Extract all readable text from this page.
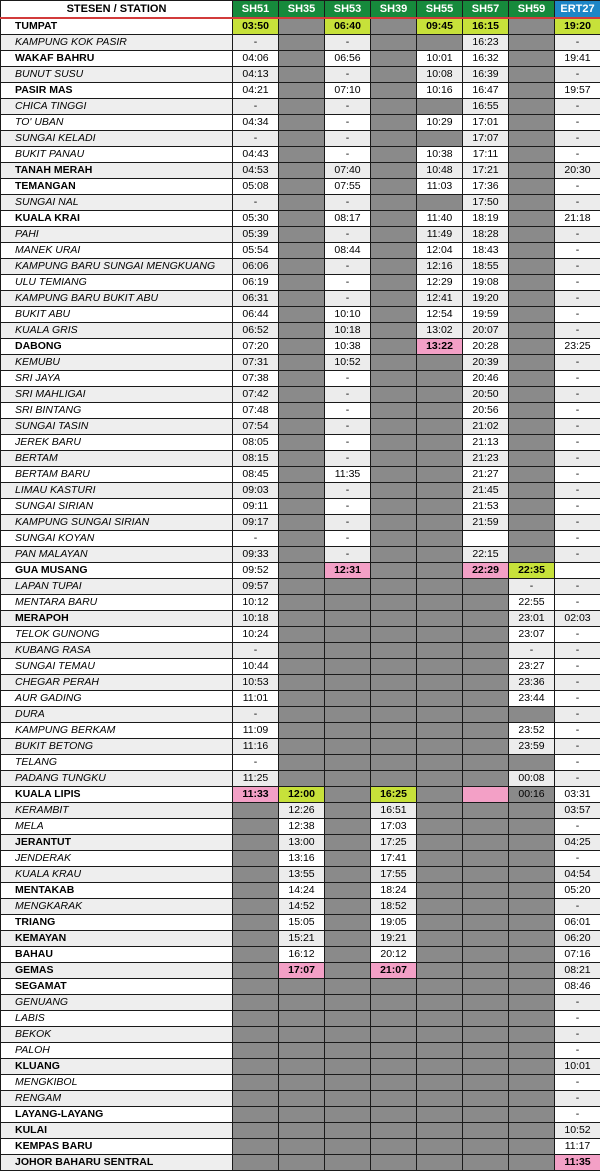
STESEN / STATION	SH51	SH35	SH53	SH39	SH55	SH57	SH59	ERT27
TUMPAT	03:50		06:40		09:45	16:15		19:20
KAMPUNG KOK PASIR	-		-			16:23		-
WAKAF BAHRU	04:06		06:56		10:01	16:32		19:41
BUNUT SUSU	04:13		-		10:08	16:39		-
PASIR MAS	04:21		07:10		10:16	16:47		19:57
CHICA TINGGI	-		-			16:55		-
TO' UBAN	04:34		-		10:29	17:01		-
SUNGAI KELADI	-		-			17:07		-
BUKIT PANAU	04:43		-		10:38	17:11		-
TANAH MERAH	04:53		07:40		10:48	17:21		20:30
TEMANGAN	05:08		07:55		11:03	17:36		-
SUNGAI NAL	-		-			17:50		-
KUALA KRAI	05:30		08:17		11:40	18:19		21:18
PAHI	05:39		-		11:49	18:28		-
MANEK URAI	05:54		08:44		12:04	18:43		-
KAMPUNG BARU SUNGAI MENGKUANG	06:06		-		12:16	18:55		-
ULU TEMIANG	06:19		-		12:29	19:08		-
KAMPUNG BARU BUKIT ABU	06:31		-		12:41	19:20		-
BUKIT ABU	06:44		10:10		12:54	19:59		-
KUALA GRIS	06:52		10:18		13:02	20:07		-
DABONG	07:20		10:38		13:22	20:28		23:25
KEMUBU	07:31		10:52			20:39		-
SRI JAYA	07:38		-			20:46		-
SRI MAHLIGAI	07:42		-			20:50		-
SRI BINTANG	07:48		-			20:56		-
SUNGAI TASIN	07:54		-			21:02		-
JEREK BARU	08:05		-			21:13		-
BERTAM	08:15		-			21:23		-
BERTAM BARU	08:45		11:35			21:27		-
LIMAU KASTURI	09:03		-			21:45		-
SUNGAI SIRIAN	09:11		-			21:53		-
KAMPUNG SUNGAI SIRIAN	09:17		-			21:59		-
SUNGAI KOYAN	-		-					-
PAN MALAYAN	09:33		-			22:15		-
GUA MUSANG	09:52		12:31			22:29	22:35	
LAPAN TUPAI	09:57						-	-
MENTARA BARU	10:12						22:55	-
MERAPOH	10:18						23:01	02:03
TELOK GUNONG	10:24						23:07	-
KUBANG RASA	-						-	-
SUNGAI TEMAU	10:44						23:27	-
CHEGAR PERAH	10:53						23:36	-
AUR GADING	11:01						23:44	-
DURA	-							-
KAMPUNG BERKAM	11:09						23:52	-
BUKIT BETONG	11:16						23:59	-
TELANG	-							-
PADANG TUNGKU	11:25						00:08	-
KUALA LIPIS	11:33	12:00		16:25			00:16	03:31
KERAMBIT		12:26		16:51				03:57
MELA		12:38		17:03				-
JERANTUT		13:00		17:25				04:25
JENDERAK		13:16		17:41				-
KUALA KRAU		13:55		17:55				04:54
MENTAKAB		14:24		18:24				05:20
MENGKARAK		14:52		18:52				-
TRIANG		15:05		19:05				06:01
KEMAYAN		15:21		19:21				06:20
BAHAU		16:12		20:12				07:16
GEMAS		17:07		21:07				08:21
SEGAMAT								08:46
GENUANG								-
LABIS								-
BEKOK								-
PALOH								-
KLUANG								10:01
MENGKIBOL								-
RENGAM								-
LAYANG-LAYANG								-
KULAI								10:52
KEMPAS BARU								11:17
JOHOR BAHARU SENTRAL								11:35
